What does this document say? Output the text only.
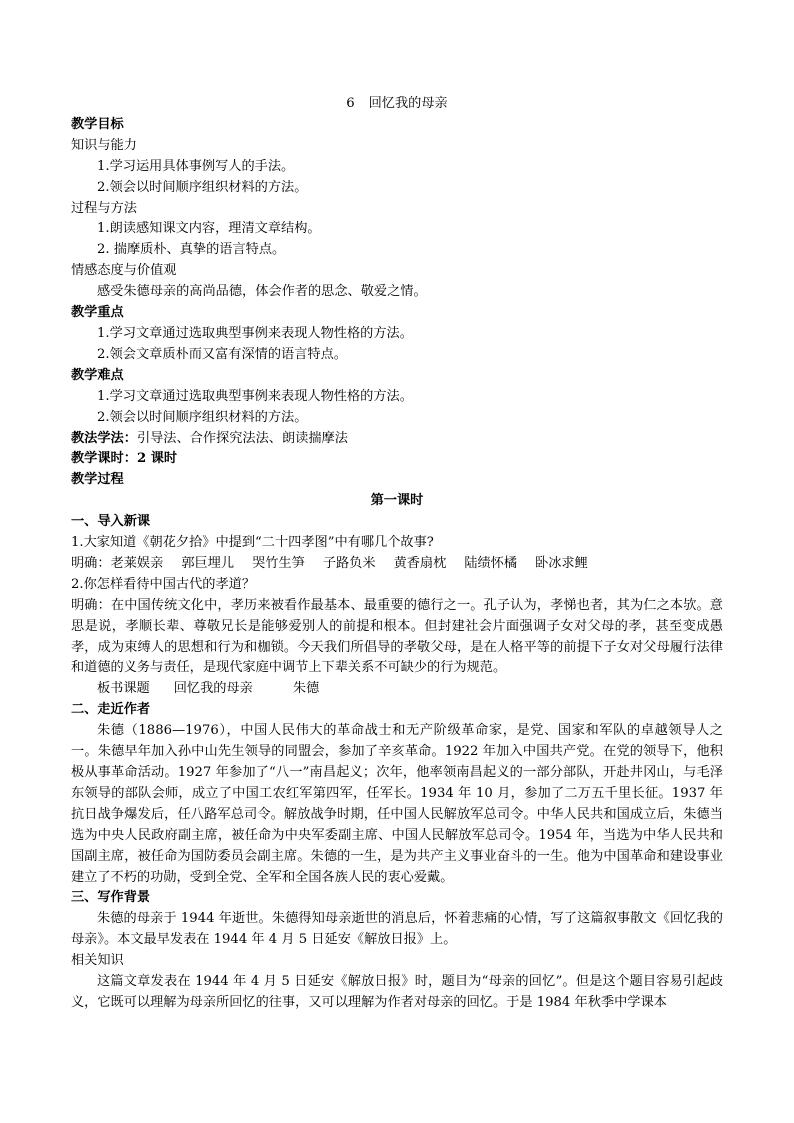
6 回忆我的母亲
教学目标
知识与能力
1.学习运用具体事例写人的手法。
2.领会以时间顺序组织材料的方法。
过程与方法
1.朗读感知课文内容，理清文章结构。
2. 揣摩质朴、真挚的语言特点。
情感态度与价值观
感受朱德母亲的高尚品德，体会作者的思念、敬爱之情。
教学重点
1.学习文章通过选取典型事例来表现人物性格的方法。
2.领会文章质朴而又富有深情的语言特点。
教学难点
1.学习文章通过选取典型事例来表现人物性格的方法。
2.领会以时间顺序组织材料的方法。
教法学法：引导法、合作探究法法、朗读揣摩法
教学课时：2 课时
教学过程
第一课时
一、导入新课
1.大家知道《朝花夕拾》中提到“二十四孝图”中有哪几个故事?
明确：老莱娱亲 郭巨埋儿 哭竹生笋 子路负米 黄香扇枕 陆绩怀橘 卧冰求鲤
2.你怎样看待中国古代的孝道？
明确：在中国传统文化中，孝历来被看作最基本、最重要的德行之一。孔子认为，孝悌也者，其为仁之本欤。意思是说，孝顺长辈、尊敬兄长是能够爱别人的前提和根本。但封建社会片面强调子女对父母的孝，甚至变成愚孝，成为束缚人的思想和行为和枷锁。今天我们所倡导的孝敬父母，是在人格平等的前提下子女对父母履行法律和道德的义务与责任，是现代家庭中调节上下辈关系不可缺少的行为规范。
板书课题 回忆我的母亲	朱德
二、走近作者
朱德（1886—1976），中国人民伟大的革命战士和无产阶级革命家，是党、国家和军队的卓越领导人之一。朱德早年加入孙中山先生领导的同盟会，参加了辛亥革命。1922 年加入中国共产党。在党的领导下，他积极从事革命活动。1927 年参加了“八一”南昌起义；次年，他率领南昌起义的一部分部队，开赴井冈山，与毛泽东领导的部队会师，成立了中国工农红军第四军，任军长。1934 年 10 月，参加了二万五千里长征。1937 年抗日战争爆发后，任八路军总司令。解放战争时期，任中国人民解放军总司令。中华人民共和国成立后，朱德当选为中央人民政府副主席，被任命为中央军委副主席、中国人民解放军总司令。1954 年，当选为中华人民共和国副主席，被任命为国防委员会副主席。朱德的一生，是为共产主义事业奋斗的一生。他为中国革命和建设事业建立了不朽的功勋，受到全党、全军和全国各族人民的衷心爱戴。
三、写作背景
朱德的母亲于 1944 年逝世。朱德得知母亲逝世的消息后，怀着悲痛的心情，写了这篇叙事散文《回忆我的母亲》。本文最早发表在 1944 年 4 月 5 日延安《解放日报》上。
相关知识
这篇文章发表在 1944 年 4 月 5 日延安《解放日报》时，题目为“母亲的回忆”。但是这个题目容易引起歧义，它既可以理解为母亲所回忆的往事，又可以理解为作者对母亲的回忆。于是 1984 年秋季中学课本
